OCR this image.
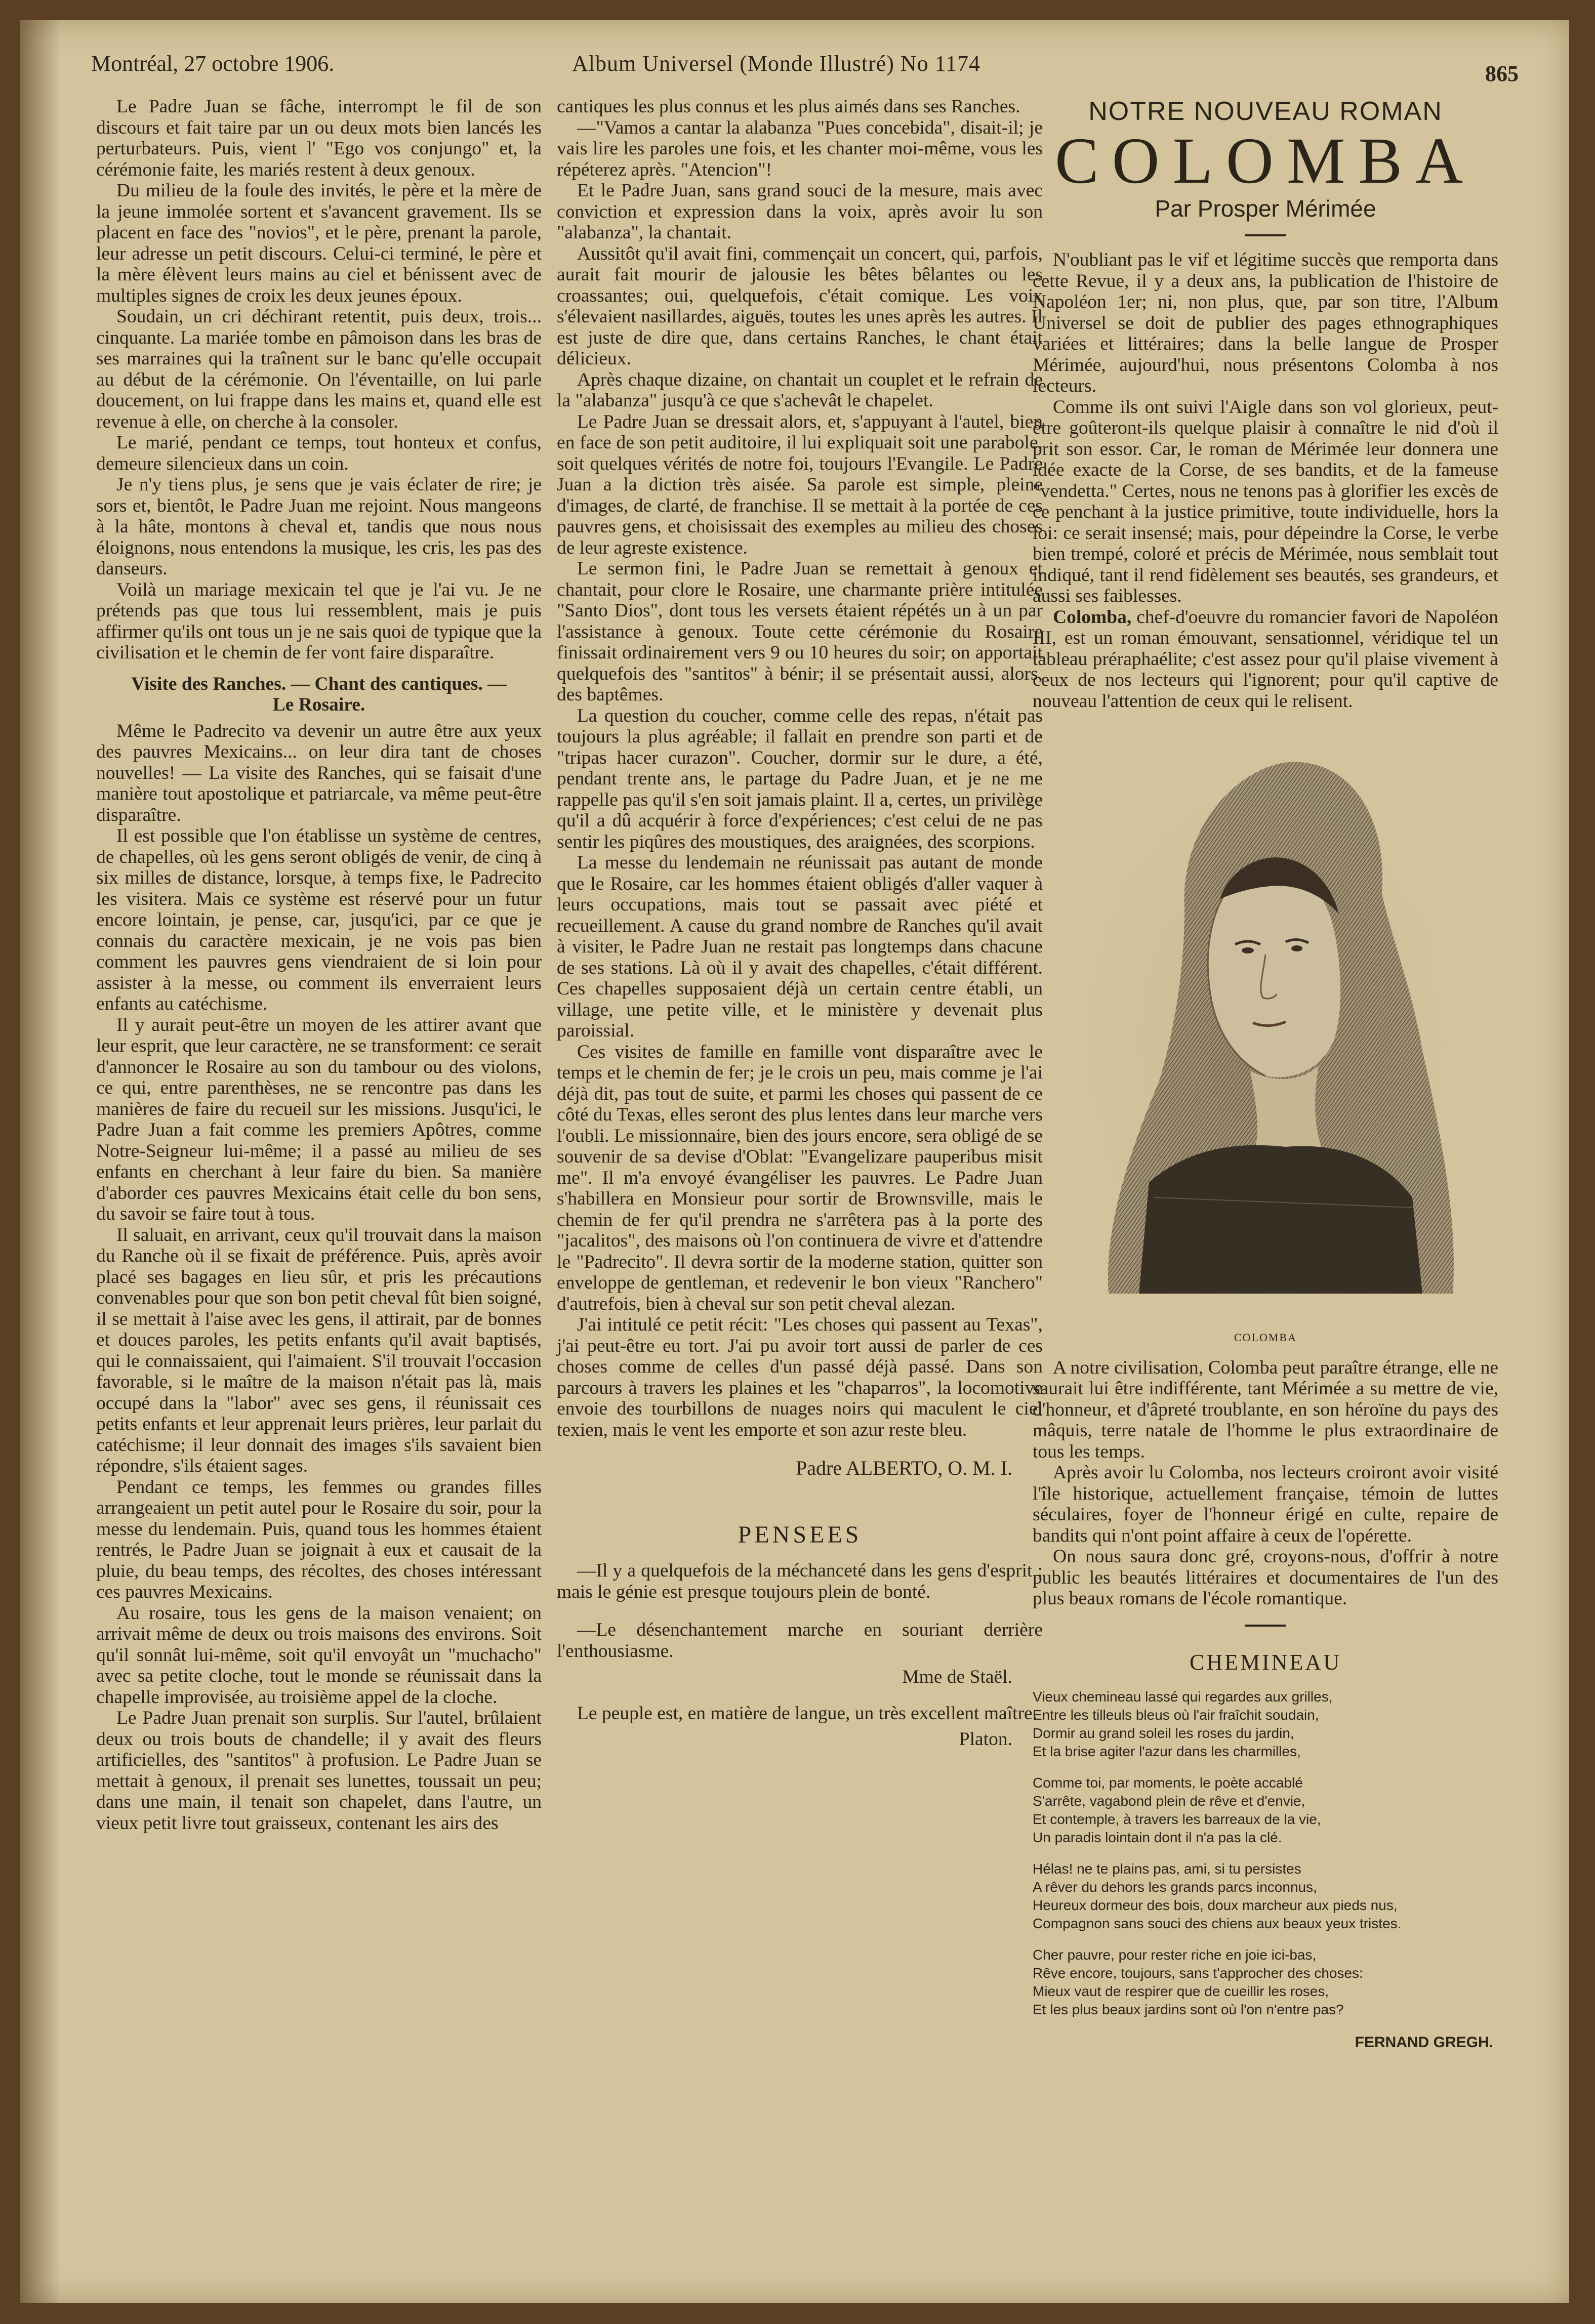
Montréal, 27 octobre 1906.	Album Universel (Monde Illustré) No 1174	865

Le Padre Juan se fâche, interrompt le fil de son discours et fait taire par un ou deux mots bien lancés les perturbateurs. Puis, vient l' "Ego vos conjungo" et, la cérémonie faite, les mariés restent à deux genoux.

Du milieu de la foule des invités, le père et la mère de la jeune immolée sortent et s'avancent gravement. Ils se placent en face des "novios", et le père, prenant la parole, leur adresse un petit discours. Celui-ci terminé, le père et la mère élèvent leurs mains au ciel et bénissent avec de multiples signes de croix les deux jeunes époux.

Soudain, un cri déchirant retentit, puis deux, trois... cinquante. La mariée tombe en pâmoison dans les bras de ses marraines qui la traînent sur le banc qu'elle occupait au début de la cérémonie. On l'éventaille, on lui parle doucement, on lui frappe dans les mains et, quand elle est revenue à elle, on cherche à la consoler.

Le marié, pendant ce temps, tout honteux et confus, demeure silencieux dans un coin.

Je n'y tiens plus, je sens que je vais éclater de rire; je sors et, bientôt, le Padre Juan me rejoint. Nous mangeons à la hâte, montons à cheval et, tandis que nous nous éloignons, nous entendons la musique, les cris, les pas des danseurs.

Voilà un mariage mexicain tel que je l'ai vu. Je ne prétends pas que tous lui ressemblent, mais je puis affirmer qu'ils ont tous un je ne sais quoi de typique que la civilisation et le chemin de fer vont faire disparaître.

Visite des Ranches. — Chant des cantiques. —
Le Rosaire.

Même le Padrecito va devenir un autre être aux yeux des pauvres Mexicains... on leur dira tant de choses nouvelles! — La visite des Ranches, qui se faisait d'une manière tout apostolique et patriarcale, va même peut-être disparaître.

Il est possible que l'on établisse un système de centres, de chapelles, où les gens seront obligés de venir, de cinq à six milles de distance, lorsque, à temps fixe, le Padrecito les visitera. Mais ce système est réservé pour un futur encore lointain, je pense, car, jusqu'ici, par ce que je connais du caractère mexicain, je ne vois pas bien comment les pauvres gens viendraient de si loin pour assister à la messe, ou comment ils enverraient leurs enfants au catéchisme.

Il y aurait peut-être un moyen de les attirer avant que leur esprit, que leur caractère, ne se transforment: ce serait d'annoncer le Rosaire au son du tambour ou des violons, ce qui, entre parenthèses, ne se rencontre pas dans les manières de faire du recueil sur les missions. Jusqu'ici, le Padre Juan a fait comme les premiers Apôtres, comme Notre-Seigneur lui-même; il a passé au milieu de ses enfants en cherchant à leur faire du bien. Sa manière d'aborder ces pauvres Mexicains était celle du bon sens, du savoir se faire tout à tous.

Il saluait, en arrivant, ceux qu'il trouvait dans la maison du Ranche où il se fixait de préférence. Puis, après avoir placé ses bagages en lieu sûr, et pris les précautions convenables pour que son bon petit cheval fût bien soigné, il se mettait à l'aise avec les gens, il attirait, par de bonnes et douces paroles, les petits enfants qu'il avait baptisés, qui le connaissaient, qui l'aimaient. S'il trouvait l'occasion favorable, si le maître de la maison n'était pas là, mais occupé dans la "labor" avec ses gens, il réunissait ces petits enfants et leur apprenait leurs prières, leur parlait du catéchisme; il leur donnait des images s'ils savaient bien répondre, s'ils étaient sages.

Pendant ce temps, les femmes ou grandes filles arrangeaient un petit autel pour le Rosaire du soir, pour la messe du lendemain. Puis, quand tous les hommes étaient rentrés, le Padre Juan se joignait à eux et causait de la pluie, du beau temps, des récoltes, des choses intéressant ces pauvres Mexicains.

Au rosaire, tous les gens de la maison venaient; on arrivait même de deux ou trois maisons des environs. Soit qu'il sonnât lui-même, soit qu'il envoyât un "muchacho" avec sa petite cloche, tout le monde se réunissait dans la chapelle improvisée, au troisième appel de la cloche.

Le Padre Juan prenait son surplis. Sur l'autel, brûlaient deux ou trois bouts de chandelle; il y avait des fleurs artificielles, des "santitos" à profusion. Le Padre Juan se mettait à genoux, il prenait ses lunettes, toussait un peu; dans une main, il tenait son chapelet, dans l'autre, un vieux petit livre tout graisseux, contenant les airs des

cantiques les plus connus et les plus aimés dans ses Ranches.

—"Vamos a cantar la alabanza "Pues concebida", disait-il; je vais lire les paroles une fois, et les chanter moi-même, vous les répéterez après. "Atencion"!

Et le Padre Juan, sans grand souci de la mesure, mais avec conviction et expression dans la voix, après avoir lu son "alabanza", la chantait.

Aussitôt qu'il avait fini, commençait un concert, qui, parfois, aurait fait mourir de jalousie les bêtes bêlantes ou les croassantes; oui, quelquefois, c'était comique. Les voix s'élevaient nasillardes, aiguës, toutes les unes après les autres. Il est juste de dire que, dans certains Ranches, le chant était délicieux.

Après chaque dizaine, on chantait un couplet et le refrain de la "alabanza" jusqu'à ce que s'achevât le chapelet.

Le Padre Juan se dressait alors, et, s'appuyant à l'autel, bien en face de son petit auditoire, il lui expliquait soit une parabole, soit quelques vérités de notre foi, toujours l'Evangile. Le Padre Juan a la diction très aisée. Sa parole est simple, pleine d'images, de clarté, de franchise. Il se mettait à la portée de ces pauvres gens, et choisissait des exemples au milieu des choses de leur agreste existence.

Le sermon fini, le Padre Juan se remettait à genoux et chantait, pour clore le Rosaire, une charmante prière intitulée "Santo Dios", dont tous les versets étaient répétés un à un par l'assistance à genoux. Toute cette cérémonie du Rosaire finissait ordinairement vers 9 ou 10 heures du soir; on apportait quelquefois des "santitos" à bénir; il se présentait aussi, alors, des baptêmes.

La question du coucher, comme celle des repas, n'était pas toujours la plus agréable; il fallait en prendre son parti et de "tripas hacer curazon". Coucher, dormir sur le dure, a été, pendant trente ans, le partage du Padre Juan, et je ne me rappelle pas qu'il s'en soit jamais plaint. Il a, certes, un privilège qu'il a dû acquérir à force d'expériences; c'est celui de ne pas sentir les piqûres des moustiques, des araignées, des scorpions.

La messe du lendemain ne réunissait pas autant de monde que le Rosaire, car les hommes étaient obligés d'aller vaquer à leurs occupations, mais tout se passait avec piété et recueillement. A cause du grand nombre de Ranches qu'il avait à visiter, le Padre Juan ne restait pas longtemps dans chacune de ses stations. Là où il y avait des chapelles, c'était différent. Ces chapelles supposaient déjà un certain centre établi, un village, une petite ville, et le ministère y devenait plus paroissial.

Ces visites de famille en famille vont disparaître avec le temps et le chemin de fer; je le crois un peu, mais comme je l'ai déjà dit, pas tout de suite, et parmi les choses qui passent de ce côté du Texas, elles seront des plus lentes dans leur marche vers l'oubli. Le missionnaire, bien des jours encore, sera obligé de se souvenir de sa devise d'Oblat: "Evangelizare pauperibus misit me". Il m'a envoyé évangéliser les pauvres. Le Padre Juan s'habillera en Monsieur pour sortir de Brownsville, mais le chemin de fer qu'il prendra ne s'arrêtera pas à la porte des "jacalitos", des maisons où l'on continuera de vivre et d'attendre le "Padrecito". Il devra sortir de la moderne station, quitter son enveloppe de gentleman, et redevenir le bon vieux "Ranchero" d'autrefois, bien à cheval sur son petit cheval alezan.

J'ai intitulé ce petit récit: "Les choses qui passent au Texas", j'ai peut-être eu tort. J'ai pu avoir tort aussi de parler de ces choses comme de celles d'un passé déjà passé. Dans son parcours à travers les plaines et les "chaparros", la locomotive envoie des tourbillons de nuages noirs qui maculent le ciel texien, mais le vent les emporte et son azur reste bleu.

Padre ALBERTO, O. M. I.
PENSEES

—Il y a quelquefois de la méchanceté dans les gens d'esprit ; mais le génie est presque toujours plein de bonté.

—Le désenchantement marche en souriant derrière l'enthousiasme.

Mme de Staël.

Le peuple est, en matière de langue, un très excellent maître.

Platon.
NOTRE NOUVEAU ROMAN
COLOMBA
Par Prosper Mérimée

N'oubliant pas le vif et légitime succès que remporta dans cette Revue, il y a deux ans, la publication de l'histoire de Napoléon 1er; ni, non plus, que, par son titre, l'Album Universel se doit de publier des pages ethnographiques variées et littéraires; dans la belle langue de Prosper Mérimée, aujourd'hui, nous présentons Colomba à nos lecteurs.

Comme ils ont suivi l'Aigle dans son vol glorieux, peut-être goûteront-ils quelque plaisir à connaître le nid d'où il prit son essor. Car, le roman de Mérimée leur donnera une idée exacte de la Corse, de ses bandits, et de la fameuse "vendetta." Certes, nous ne tenons pas à glorifier les excès de ce penchant à la justice primitive, toute individuelle, hors la loi: ce serait insensé; mais, pour dépeindre la Corse, le verbe bien trempé, coloré et précis de Mérimée, nous semblait tout indiqué, tant il rend fidèlement ses beautés, ses grandeurs, et aussi ses faiblesses.

Colomba, chef-d'oeuvre du romancier favori de Napoléon III, est un roman émouvant, sensationnel, véridique tel un tableau préraphaélite; c'est assez pour qu'il plaise vivement à ceux de nos lecteurs qui l'ignorent; pour qu'il captive de nouveau l'attention de ceux qui le relisent.

COLOMBA

A notre civilisation, Colomba peut paraître étrange, elle ne saurait lui être indifférente, tant Mérimée a su mettre de vie, d'honneur, et d'âpreté troublante, en son héroïne du pays des mâquis, terre natale de l'homme le plus extraordinaire de tous les temps.

Après avoir lu Colomba, nos lecteurs croiront avoir visité l'île historique, actuellement française, témoin de luttes séculaires, foyer de l'honneur érigé en culte, repaire de bandits qui n'ont point affaire à ceux de l'opérette.

On nous saura donc gré, croyons-nous, d'offrir à notre public les beautés littéraires et documentaires de l'un des plus beaux romans de l'école romantique.

CHEMINEAU
Vieux chemineau lassé qui regardes aux grilles,
Entre les tilleuls bleus où l'air fraîchit soudain,
Dormir au grand soleil les roses du jardin,
Et la brise agiter l'azur dans les charmilles,
Comme toi, par moments, le poète accablé
S'arrête, vagabond plein de rêve et d'envie,
Et contemple, à travers les barreaux de la vie,
Un paradis lointain dont il n'a pas la clé.
Hélas! ne te plains pas, ami, si tu persistes
A rêver du dehors les grands parcs inconnus,
Heureux dormeur des bois, doux marcheur aux pieds nus,
Compagnon sans souci des chiens aux beaux yeux tristes.
Cher pauvre, pour rester riche en joie ici-bas,
Rêve encore, toujours, sans t'approcher des choses:
Mieux vaut de respirer que de cueillir les roses,
Et les plus beaux jardins sont où l'on n'entre pas?
FERNAND GREGH.
